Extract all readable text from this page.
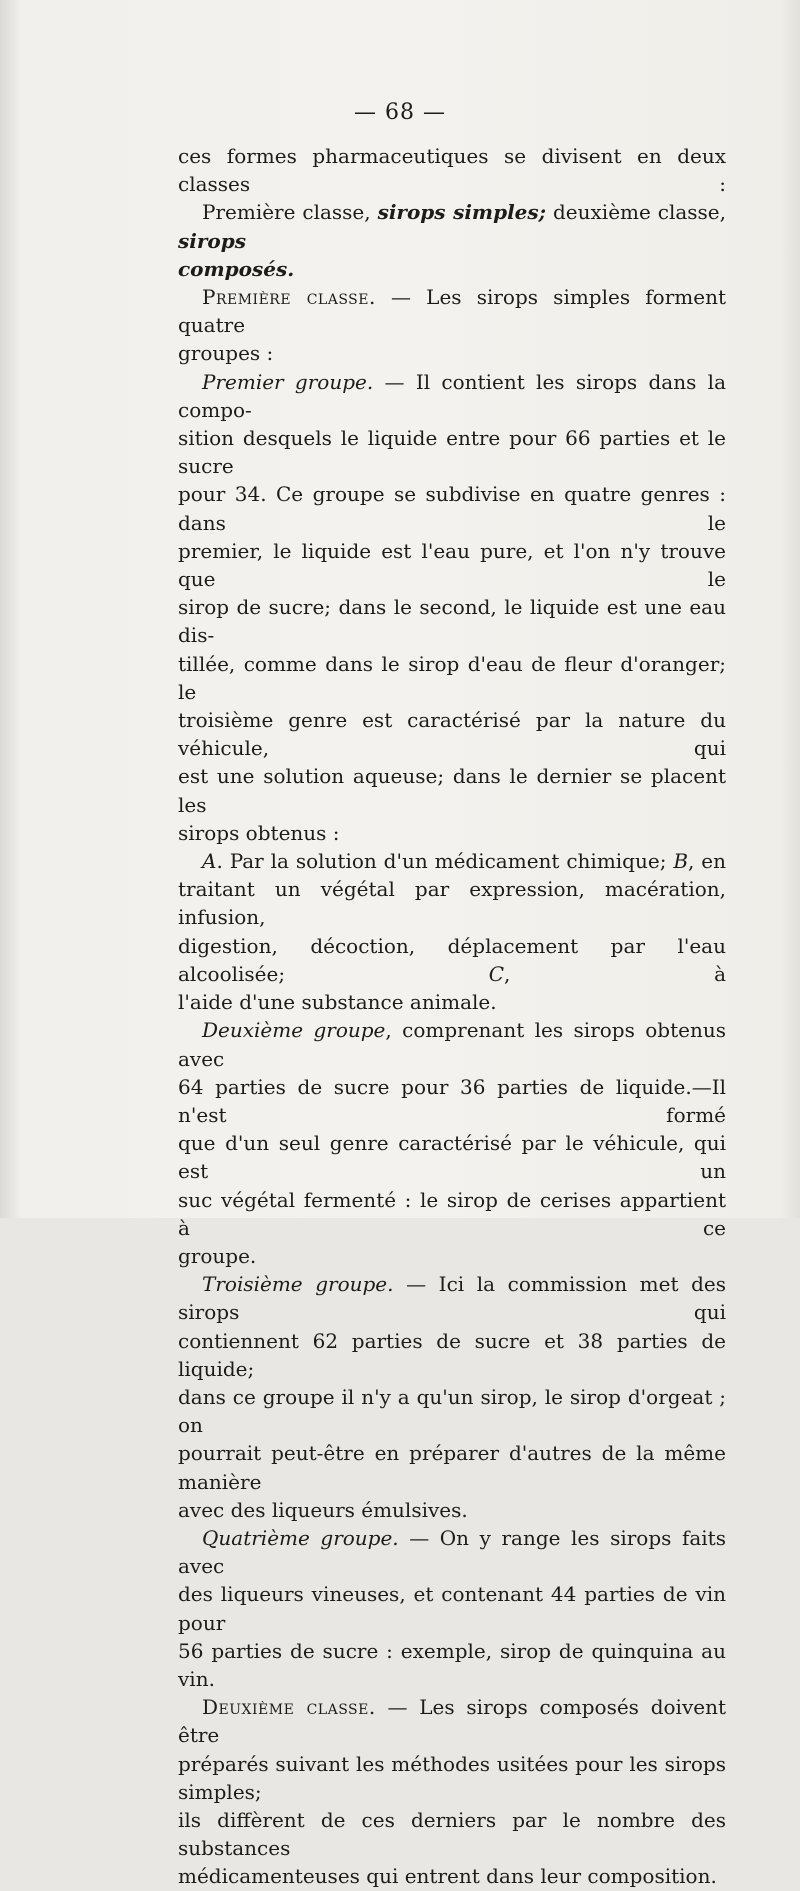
— 68 —

ces formes pharmaceutiques se divisent en deux classes :

Première classe, sirops simples; deuxième classe, sirops

composés.

Première classe. — Les sirops simples forment quatre

groupes :

Premier groupe. — Il contient les sirops dans la compo-

sition desquels le liquide entre pour 66 parties et le sucre

pour 34. Ce groupe se subdivise en quatre genres : dans le

premier, le liquide est l'eau pure, et l'on n'y trouve que le

sirop de sucre; dans le second, le liquide est une eau dis-

tillée, comme dans le sirop d'eau de fleur d'oranger; le

troisième genre est caractérisé par la nature du véhicule, qui

est une solution aqueuse; dans le dernier se placent les

sirops obtenus :

A. Par la solution d'un médicament chimique; B, en

traitant un végétal par expression, macération, infusion,

digestion, décoction, déplacement par l'eau alcoolisée; C, à

l'aide d'une substance animale.

Deuxième groupe, comprenant les sirops obtenus avec

64 parties de sucre pour 36 parties de liquide.—Il n'est formé

que d'un seul genre caractérisé par le véhicule, qui est un

suc végétal fermenté : le sirop de cerises appartient à ce

groupe.

Troisième groupe. — Ici la commission met des sirops qui

contiennent 62 parties de sucre et 38 parties de liquide;

dans ce groupe il n'y a qu'un sirop, le sirop d'orgeat ; on

pourrait peut-être en préparer d'autres de la même manière

avec des liqueurs émulsives.

Quatrième groupe. — On y range les sirops faits avec

des liqueurs vineuses, et contenant 44 parties de vin pour

56 parties de sucre : exemple, sirop de quinquina au vin.

Deuxième classe. — Les sirops composés doivent être

préparés suivant les méthodes usitées pour les sirops simples;

ils diffèrent de ces derniers par le nombre des substances

médicamenteuses qui entrent dans leur composition.
